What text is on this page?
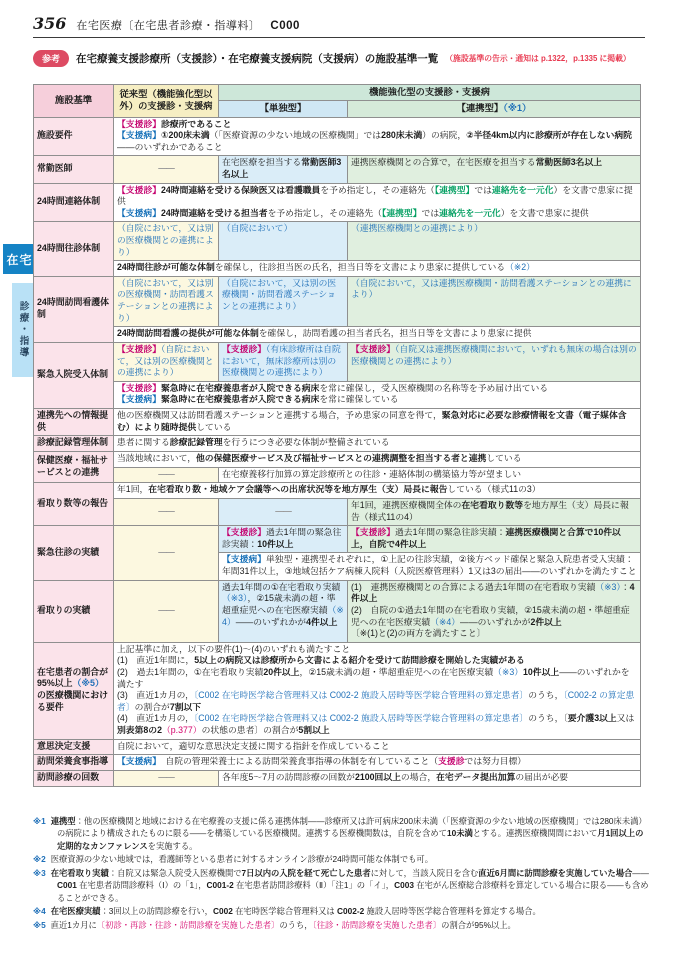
356 在宅医療〔在宅患者診療・指導料〕 C000
在宅
診療・指導
参考	在宅療養支援診療所（支援診）・在宅療養支援病院（支援病）の施設基準一覧 （施設基準の告示・通知は p.1322，p.1335 に掲載）
施設基準	従来型（機能強化型以外）の支援診・支援病	機能強化型の支援診・支援病	
		【単独型】	【連携型】（※1）
施設要件	【支援診】診療所であること
【支援病】①200床未満（「医療資源の少ない地域の医療機関」では280床未満）の病院，②半径4km以内に診療所が存在しない病院——のいずれかであること		
常勤医師	——	在宅医療を担当する常勤医師3名以上	連携医療機関との合算で，在宅医療を担当する常勤医師3名以上
24時間連絡体制	【支援診】24時間連絡を受ける保険医又は看護職員を予め指定し，その連絡先（【連携型】では連絡先を一元化）を文書で患家に提供
【支援病】24時間連絡を受ける担当者を予め指定し，その連絡先（【連携型】では連絡先を一元化）を文書で患家に提供		
24時間往診体制	（自院において，又は別の医療機関との連携により）	（自院において）	（連携医療機関との連携により）
	24時間往診が可能な体制を確保し，往診担当医の氏名，担当日等を文書により患家に提供している（※2）		
24時間訪問看護体制	（自院において，又は別の医療機関・訪問看護ステーションとの連携により）	（自院において，又は別の医療機関・訪問看護ステーションとの連携により）	（自院において，又は連携医療機関・訪問看護ステーションとの連携により）
	24時間訪問看護の提供が可能な体制を確保し，訪問看護の担当者氏名，担当日等を文書により患家に提供		
緊急入院受入体制	【支援診】（自院において，又は別の医療機関との連携により）	【支援診】（有床診療所は自院において，無床診療所は別の医療機関との連携により）	【支援診】（自院又は連携医療機関において，いずれも無床の場合は別の医療機関との連携により）
	【支援診】緊急時に在宅療養患者が入院できる病床を常に確保し，受入医療機関の名称等を予め届け出ている
【支援病】緊急時に在宅療養患者が入院できる病床を常に確保している		
連携先への情報提供	他の医療機関又は訪問看護ステーションと連携する場合，予め患家の同意を得て，緊急対応に必要な診療情報を文書（電子媒体含む）により随時提供している		
診療記録管理体制	患者に関する診療記録管理を行うにつき必要な体制が整備されている		
保健医療・福祉サービスとの連携	当該地域において，他の保健医療サービス及び福祉サービスとの連携調整を担当する者と連携している		
	——	在宅療養移行加算の算定診療所との往診・連絡体制の構築協力等が望ましい	
看取り数等の報告	年1回，在宅看取り数・地域ケア会議等への出席状況等を地方厚生（支）局長に報告している（様式11の3）		
	——	——	年1回，連携医療機関全体の在宅看取り数等を地方厚生（支）局長に報告（様式11の4）
緊急往診の実績	——	【支援診】過去1年間の緊急往診実績：10件以上	【支援診】過去1年間の緊急往診実績：連携医療機関と合算で10件以上，自院で4件以上
		【支援病】単独型・連携型それぞれに，①上記の往診実績，②後方ベッド確保と緊急入院患者受入実績：年間31件以上，③地域包括ケア病棟入院料（入院医療管理料）1又は3の届出——のいずれかを満たすこと	
看取りの実績	——	過去1年間の①在宅看取り実績（※3），②15歳未満の超・準超重症児への在宅医療実績（※4）——のいずれかが4件以上	(1)　連携医療機関との合算による過去1年間の在宅看取り実績（※3）：4件以上
(2)　自院の①過去1年間の在宅看取り実績，②15歳未満の超・準超重症児への在宅医療実績（※4）——のいずれかが2件以上
〔※(1)と(2)の両方を満たすこと〕
在宅患者の割合が95%以上（※5）の医療機関における要件	上記基準に加え，以下の要件(1)～(4)のいずれも満たすこと
(1)　直近1年間に，5以上の病院又は診療所から文書による紹介を受けて訪問診療を開始した実績がある
(2)　過去1年間の，①在宅看取り実績20件以上，②15歳未満の超・準超重症児への在宅医療実績（※3）10件以上——のいずれかを満たす
(3)　直近1カ月の，〔C002 在宅時医学総合管理料又は C002-2 施設入居時等医学総合管理料の算定患者〕のうち，〔C002-2 の算定患者〕の割合が7割以下
(4)　直近1カ月の，〔C002 在宅時医学総合管理料又は C002-2 施設入居時等医学総合管理料の算定患者〕のうち，〔要介護3以上又は別表第8の2（p.377）の状態の患者〕の割合が5割以上		
意思決定支援	自院において，適切な意思決定支援に関する指針を作成していること		
訪問栄養食事指導	【支援病】　自院の管理栄養士による訪問栄養食事指導の体制を有していること（支援診では努力目標）		
訪問診療の回数	——	各年度5～7月の訪問診療の回数が2100回以上の場合，在宅データ提出加算の届出が必要	
※1 連携型：他の医療機関と地域における在宅療養の支援に係る連携体制——診療所又は許可病床200床未満（「医療資源の少ない地域の医療機関」では280床未満）の病院により構成されたものに限る——を構築している医療機関。連携する医療機関数は，自院を含めて10未満とする。連携医療機関間において月1回以上の定期的なカンファレンスを実施する。
※2 医療資源の少ない地域では，看護師等といる患者に対するオンライン診療が24時間可能な体制でも可。
※3 在宅看取り実績：自院又は緊急入院受入医療機関で7日以内の入院を経て死亡した患者に対して，当該入院日を含む直近6月間に訪問診療を実施していた場合——C001 在宅患者訪問診療料（Ⅰ）の「1」，C001-2 在宅患者訪問診療料（Ⅱ）「注1」の「イ」，C003 在宅がん医療総合診療料を算定している場合に限る——も含めることができる。
※4 在宅医療実績：3回以上の訪問診療を行い，C002 在宅時医学総合管理料又は C002-2 施設入居時等医学総合管理料を算定する場合。
※5 直近1カ月に〔初診・再診・往診・訪問診療を実施した患者〕のうち，〔往診・訪問診療を実施した患者〕の割合が95%以上。
